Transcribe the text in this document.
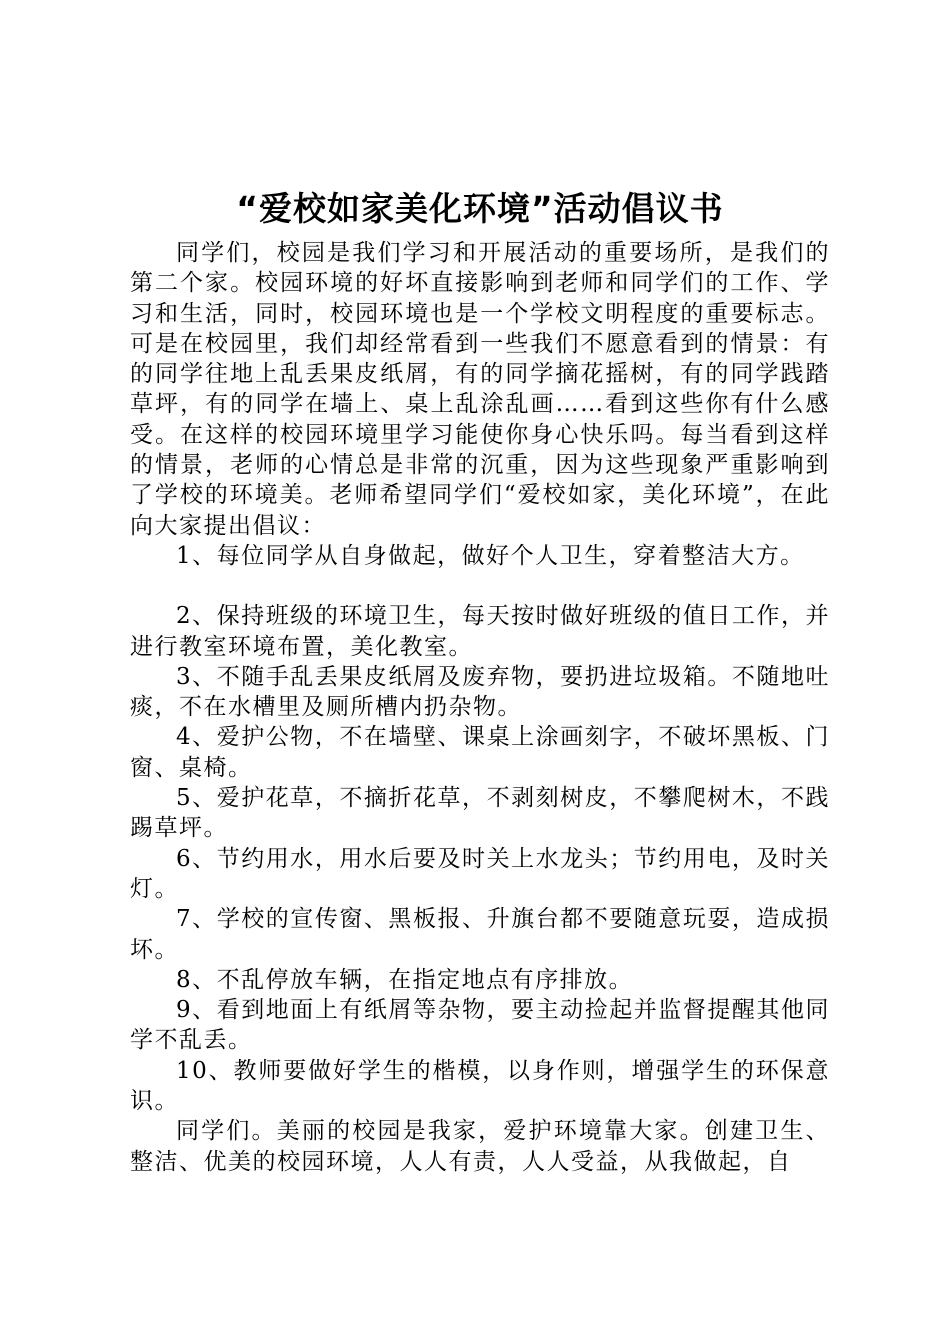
“爱校如家美化环境”活动倡议书

同学们，校园是我们学习和开展活动的重要场所，是我们的第二个家。校园环境的好坏直接影响到老师和同学们的工作、学习和生活，同时，校园环境也是一个学校文明程度的重要标志。可是在校园里，我们却经常看到一些我们不愿意看到的情景：有的同学往地上乱丢果皮纸屑，有的同学摘花摇树，有的同学践踏草坪，有的同学在墙上、桌上乱涂乱画……看到这些你有什么感受。在这样的校园环境里学习能使你身心快乐吗。每当看到这样的情景，老师的心情总是非常的沉重，因为这些现象严重影响到了学校的环境美。老师希望同学们“爱校如家，美化环境”，在此向大家提出倡议：

1、每位同学从自身做起，做好个人卫生，穿着整洁大方。

2、保持班级的环境卫生，每天按时做好班级的值日工作，并进行教室环境布置，美化教室。

3、不随手乱丢果皮纸屑及废弃物，要扔进垃圾箱。不随地吐痰，不在水槽里及厕所槽内扔杂物。

4、爱护公物，不在墙壁、课桌上涂画刻字，不破坏黑板、门窗、桌椅。

5、爱护花草，不摘折花草，不剥刻树皮，不攀爬树木，不践踢草坪。

6、节约用水，用水后要及时关上水龙头；节约用电，及时关灯。

7、学校的宣传窗、黑板报、升旗台都不要随意玩耍，造成损坏。

8、不乱停放车辆，在指定地点有序排放。

9、看到地面上有纸屑等杂物，要主动捡起并监督提醒其他同学不乱丢。

10、教师要做好学生的楷模，以身作则，增强学生的环保意识。

同学们。美丽的校园是我家，爱护环境靠大家。创建卫生、整洁、优美的校园环境，人人有责，人人受益，从我做起，自
